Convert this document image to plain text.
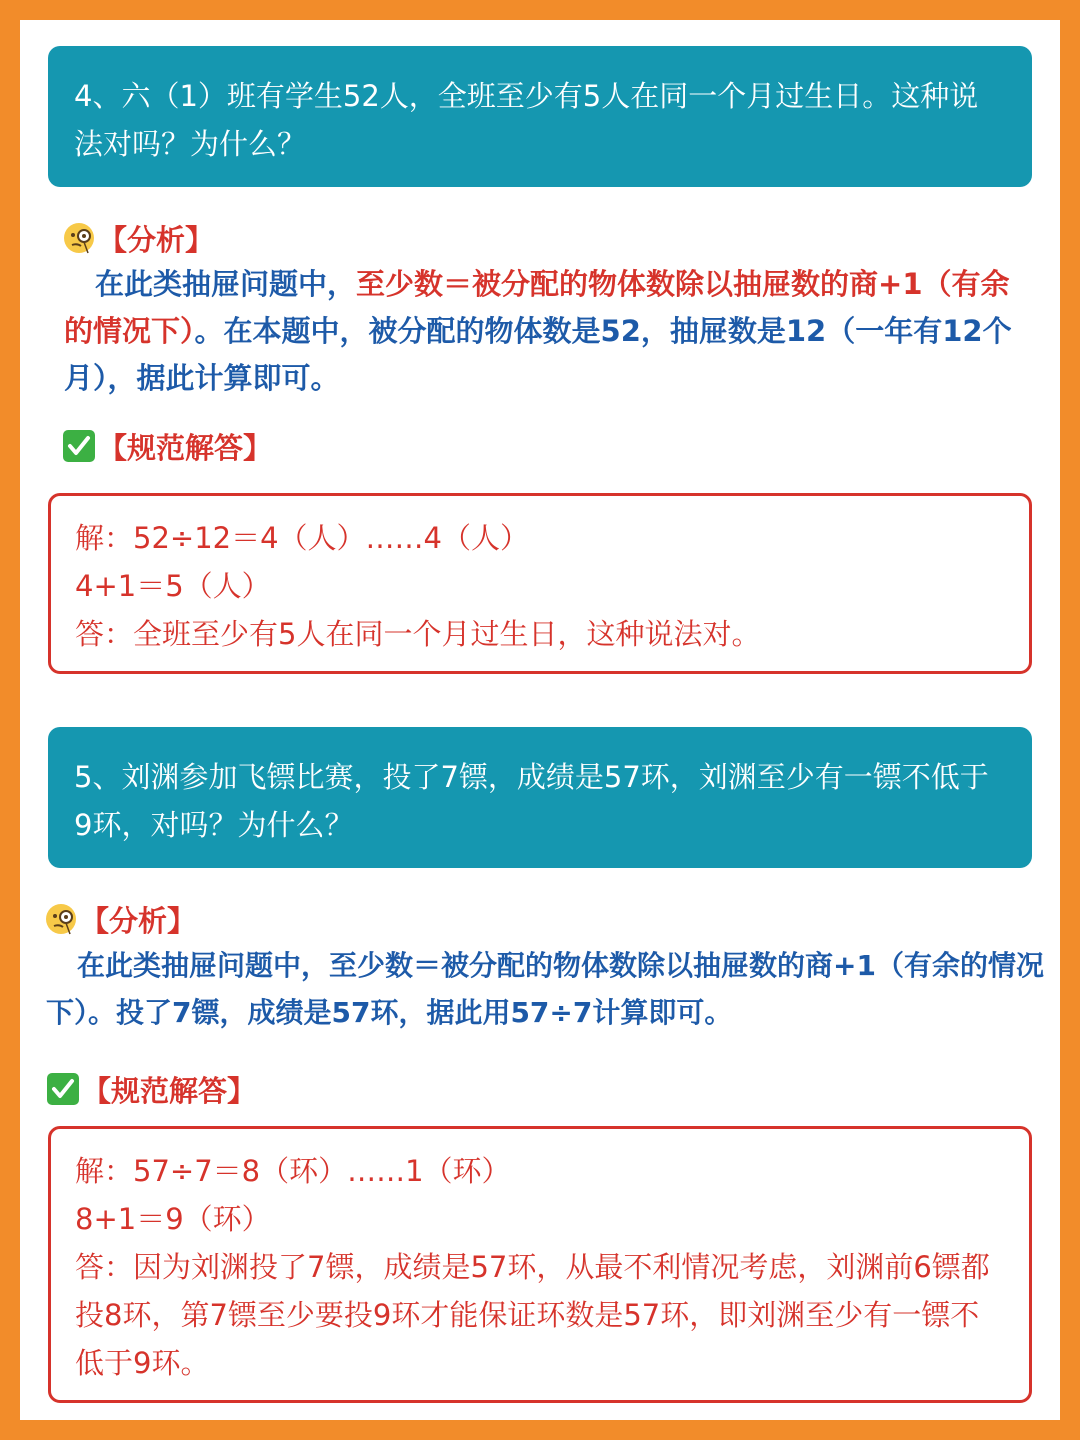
4、六（1）班有学生52人，全班至少有5人在同一个月过生日。这种说法对吗？为什么？
【分析】
在此类抽屉问题中，至少数＝被分配的物体数除以抽屉数的商+1（有余的情况下）。在本题中，被分配的物体数是52，抽屉数是12（一年有12个月），据此计算即可。
【规范解答】
解：52÷12＝4（人）……4（人）
4+1＝5（人）
答：全班至少有5人在同一个月过生日，这种说法对。
5、刘渊参加飞镖比赛，投了7镖，成绩是57环，刘渊至少有一镖不低于9环，对吗？为什么？
【分析】
在此类抽屉问题中，至少数＝被分配的物体数除以抽屉数的商+1（有余的情况下）。投了7镖，成绩是57环，据此用57÷7计算即可。
【规范解答】
解：57÷7＝8（环）……1（环）
8+1＝9（环）
答：因为刘渊投了7镖，成绩是57环，从最不利情况考虑，刘渊前6镖都投8环，第7镖至少要投9环才能保证环数是57环，即刘渊至少有一镖不低于9环。
